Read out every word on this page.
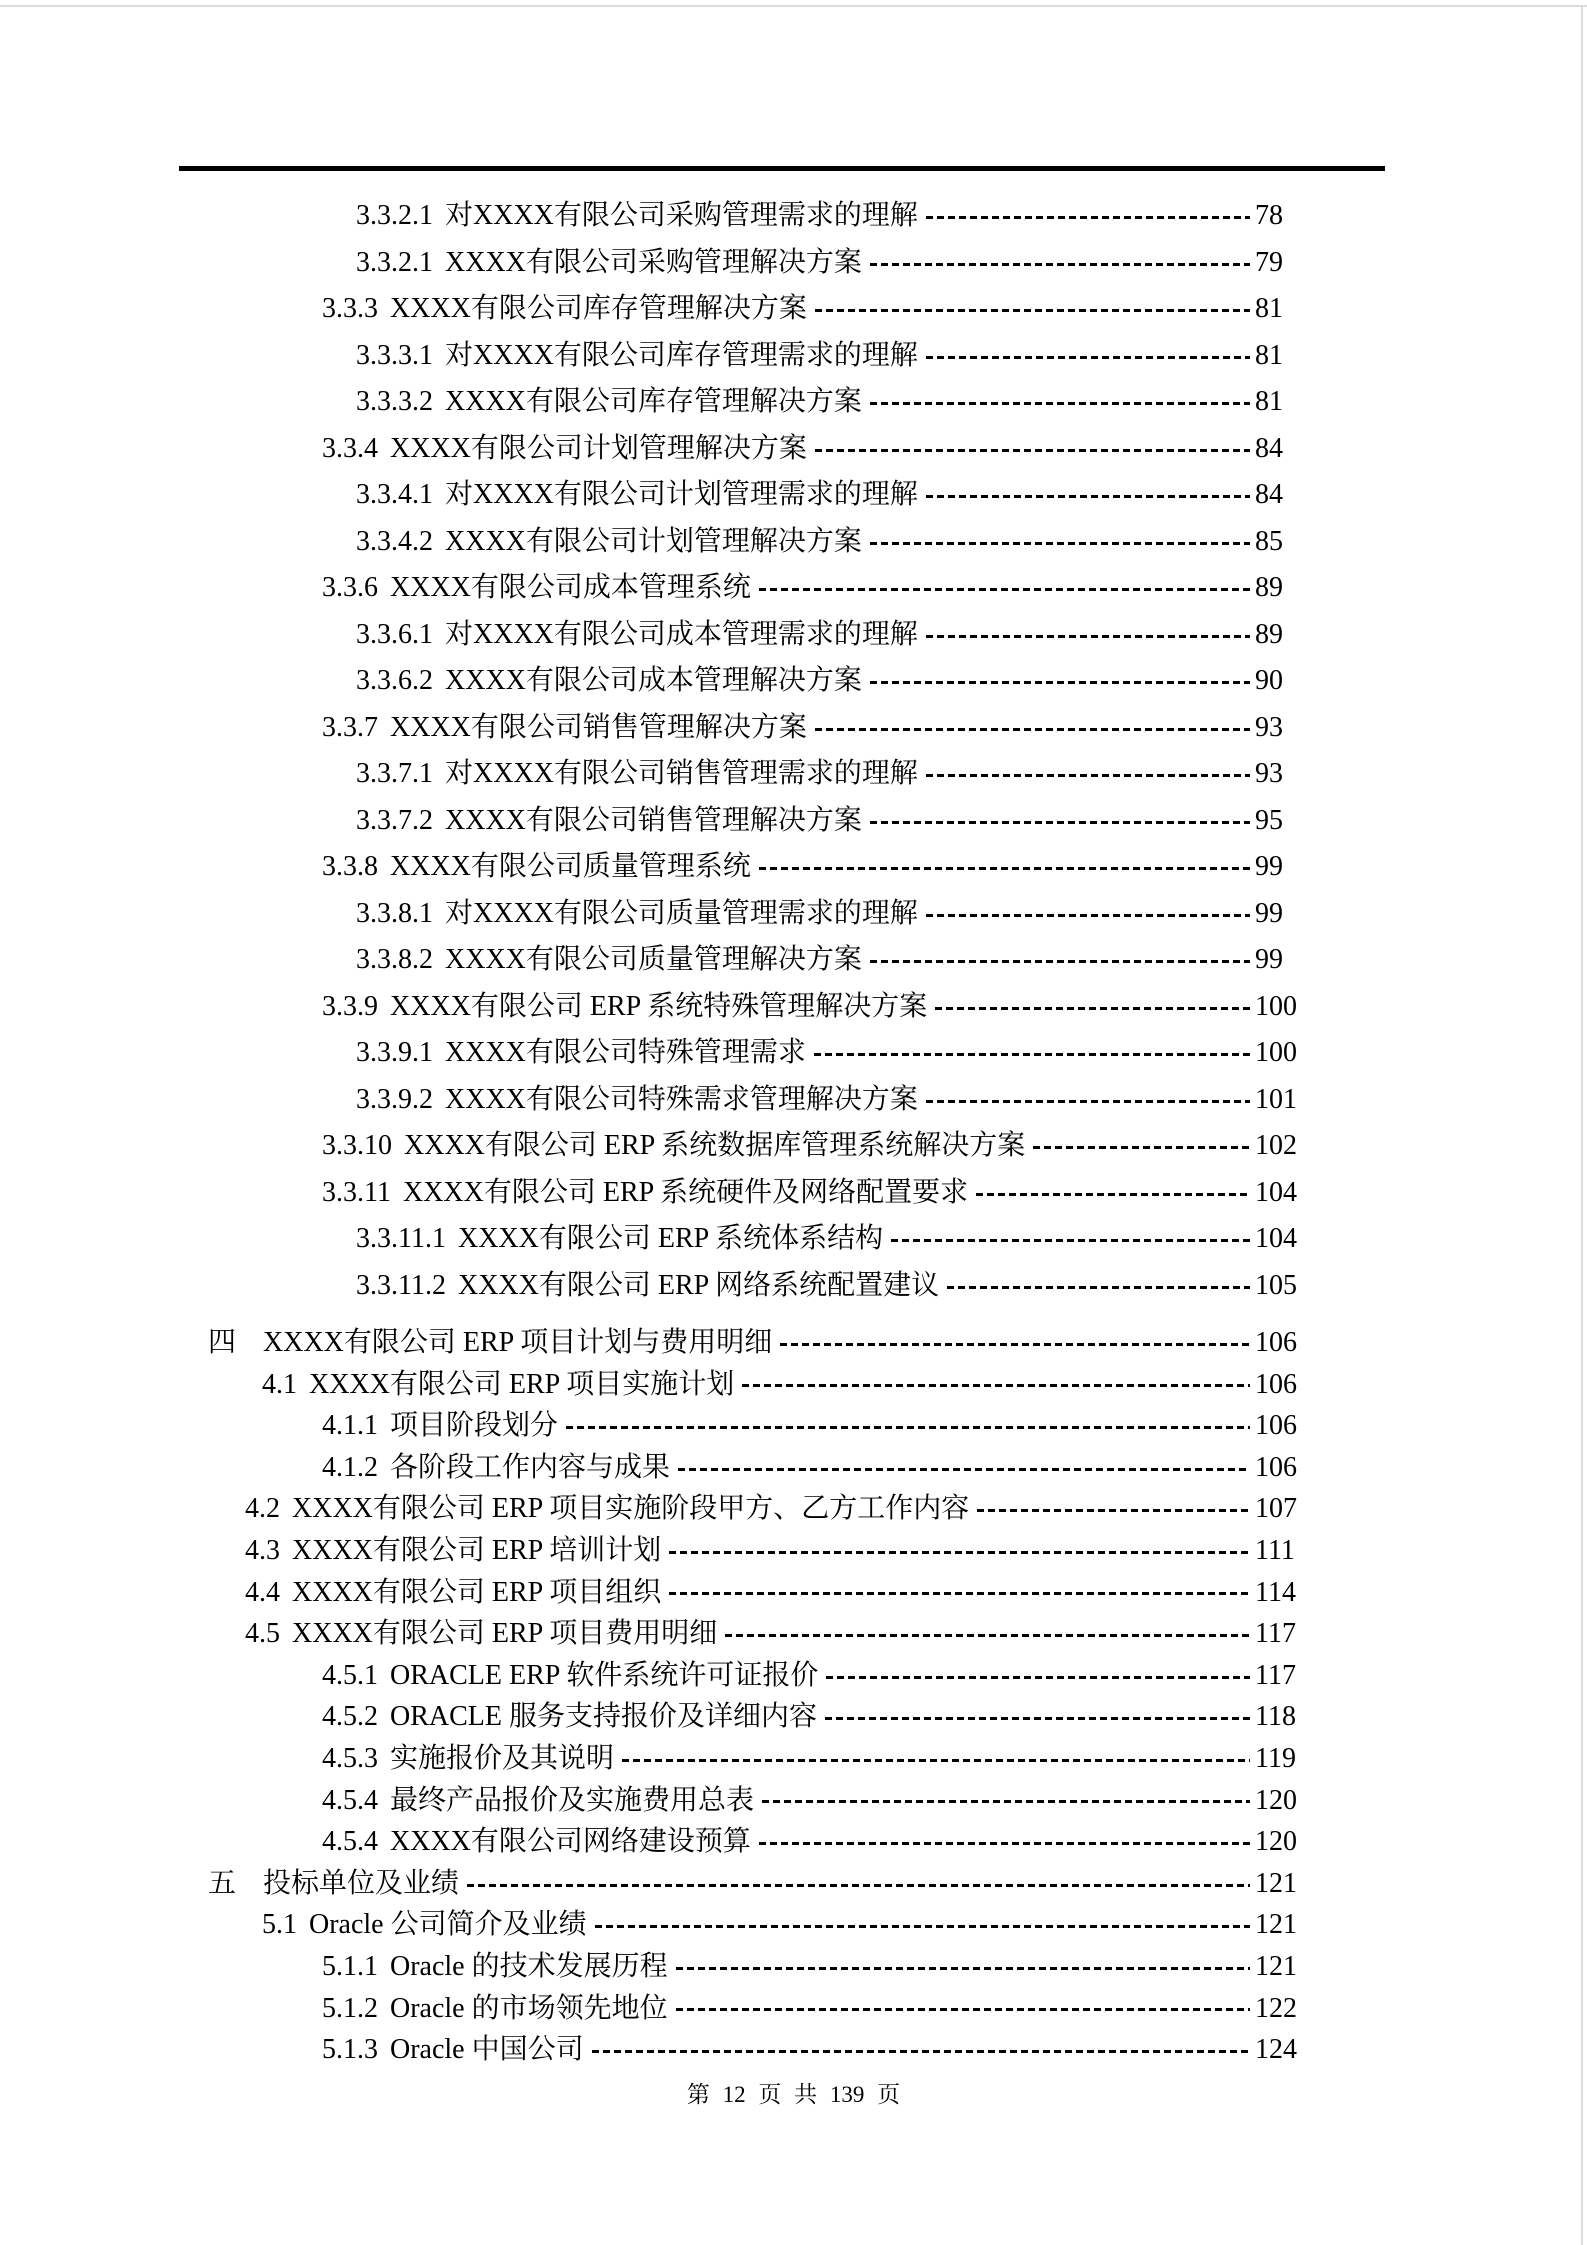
3.3.2.1 对XXXX有限公司采购管理需求的理解	78
3.3.2.1 XXXX有限公司采购管理解决方案	79
3.3.3 XXXX有限公司库存管理解决方案	81
3.3.3.1 对XXXX有限公司库存管理需求的理解	81
3.3.3.2 XXXX有限公司库存管理解决方案	81
3.3.4 XXXX有限公司计划管理解决方案	84
3.3.4.1 对XXXX有限公司计划管理需求的理解	84
3.3.4.2 XXXX有限公司计划管理解决方案	85
3.3.6 XXXX有限公司成本管理系统	89
3.3.6.1 对XXXX有限公司成本管理需求的理解	89
3.3.6.2 XXXX有限公司成本管理解决方案	90
3.3.7 XXXX有限公司销售管理解决方案	93
3.3.7.1 对XXXX有限公司销售管理需求的理解	93
3.3.7.2 XXXX有限公司销售管理解决方案	95
3.3.8 XXXX有限公司质量管理系统	99
3.3.8.1 对XXXX有限公司质量管理需求的理解	99
3.3.8.2 XXXX有限公司质量管理解决方案	99
3.3.9 XXXX有限公司 ERP 系统特殊管理解决方案	100
3.3.9.1 XXXX有限公司特殊管理需求	100
3.3.9.2 XXXX有限公司特殊需求管理解决方案	101
3.3.10 XXXX有限公司 ERP 系统数据库管理系统解决方案	102
3.3.11 XXXX有限公司 ERP 系统硬件及网络配置要求	104
3.3.11.1 XXXX有限公司 ERP 系统体系结构	104
3.3.11.2 XXXX有限公司 ERP 网络系统配置建议	105
四 XXXX有限公司 ERP 项目计划与费用明细	106
4.1 XXXX有限公司 ERP 项目实施计划	106
4.1.1 项目阶段划分	106
4.1.2 各阶段工作内容与成果	106
4.2 XXXX有限公司 ERP 项目实施阶段甲方、乙方工作内容	107
4.3 XXXX有限公司 ERP 培训计划	111
4.4 XXXX有限公司 ERP 项目组织	114
4.5 XXXX有限公司 ERP 项目费用明细	117
4.5.1 ORACLE ERP 软件系统许可证报价	117
4.5.2 ORACLE 服务支持报价及详细内容	118
4.5.3 实施报价及其说明	119
4.5.4 最终产品报价及实施费用总表	120
4.5.4 XXXX有限公司网络建设预算	120
五 投标单位及业绩	121
5.1 Oracle 公司简介及业绩	121
5.1.1 Oracle 的技术发展历程	121
5.1.2 Oracle 的市场领先地位	122
5.1.3 Oracle 中国公司	124
第 12 页 共 139 页
